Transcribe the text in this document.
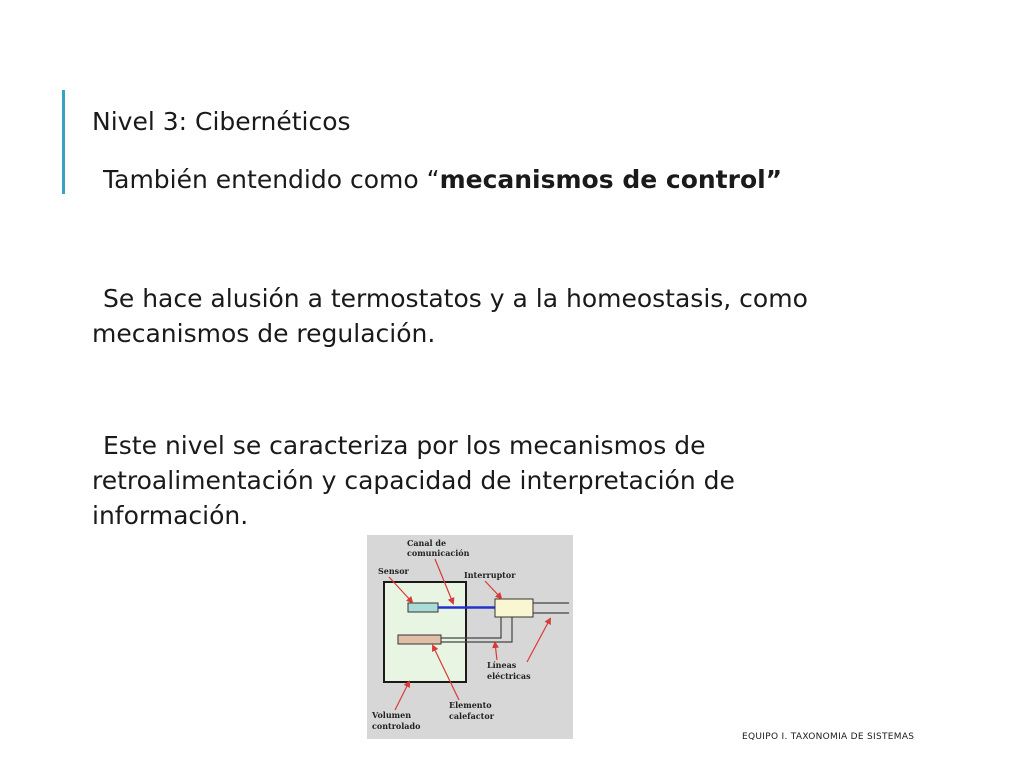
Nivel 3: Cibernéticos
También entendido como “mecanismos de control”
Se hace alusión a termostatos y a la homeostasis, como mecanismos de regulación.
Este nivel se caracteriza por los mecanismos de retroalimentación y capacidad de interpretación de información.
Canal de
comunicación
Sensor	Interruptor
Líneas
eléctricas
Volumen
controlado
Elemento
calefactor
EQUIPO I. TAXONOMIA DE SISTEMAS
